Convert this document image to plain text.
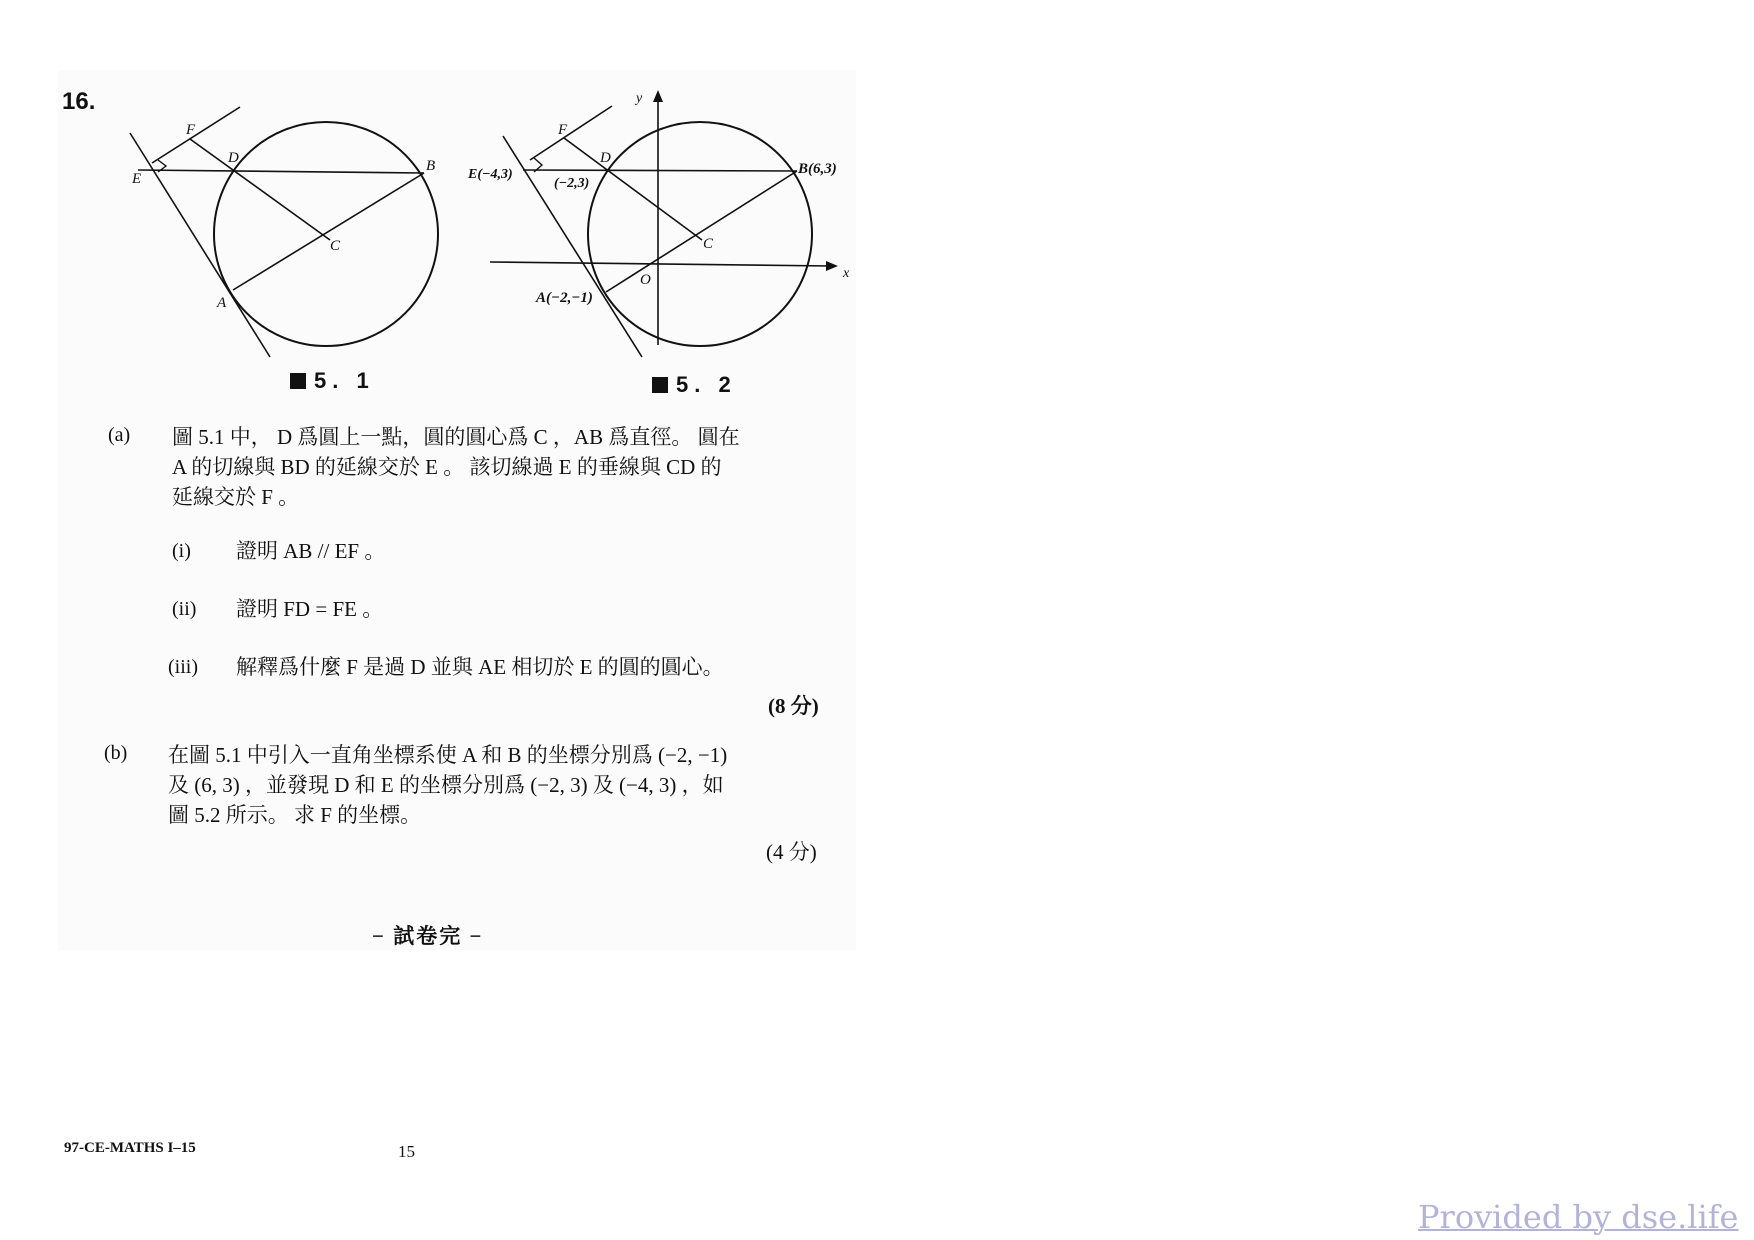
16.
F
D
E
B
C
A
y
x
F
D
E(−4,3)
(−2,3)
B(6,3)
C
O
A(−2,−1)
5. 1	5. 2
(a) 圖 5.1 中， D 爲圓上一點，圓的圓心爲 C ，AB 爲直徑。 圓在
A 的切線與 BD 的延線交於 E 。 該切線過 E 的垂線與 CD 的
延線交於 F 。
(i) 證明 AB // EF 。
(ii) 證明 FD = FE 。
(iii) 解釋爲什麼 F 是過 D 並與 AE 相切於 E 的圓的圓心。
(8 分)
(b) 在圖 5.1 中引入一直角坐標系使 A 和 B 的坐標分別爲 (−2, −1)
及 (6, 3) ，並發現 D 和 E 的坐標分別爲 (−2, 3) 及 (−4, 3) ，如
圖 5.2 所示。 求 F 的坐標。
(4 分)
− 試卷完 −
97-CE-MATHS I–15	15
Provided by dse.life
